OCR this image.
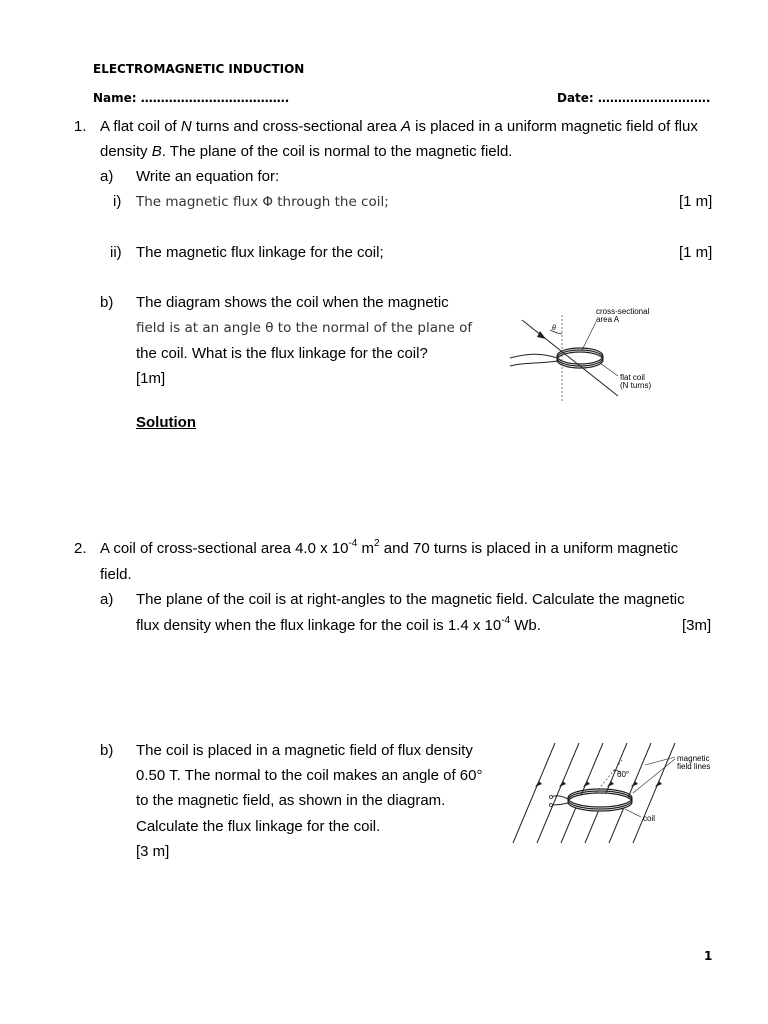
ELECTROMAGNETIC INDUCTION
Name: ……………………………….	Date: ……………………….
1. A flat coil of N turns and cross-sectional area A is placed in a uniform magnetic field of flux
density B. The plane of the coil is normal to the magnetic field.
a) Write an equation for:
i) The magnetic flux Φ through the coil;	[1 m]
ii) The magnetic flux linkage for the coil;	[1 m]
b) The diagram shows the coil when the magnetic
field is at an angle θ to the normal of the plane of
the coil. What is the flux linkage for the coil?
[1m]
Solution
θ
cross-sectional
area A
flat coil
(N turns)
2. A coil of cross-sectional area 4.0 x $10^{-4}$ $m^2$ and 70 turns is placed in a uniform magnetic
field.
a) The plane of the coil is at right-angles to the magnetic field. Calculate the magnetic
flux density when the flux linkage for the coil is 1.4 x $10^{-4}$ Wb.	[3m]
b) The coil is placed in a magnetic field of flux density
0.50 T. The normal to the coil makes an angle of 60°
to the magnetic field, as shown in the diagram.
Calculate the flux linkage for the coil.
[3 m]
60°
magnetic
field lines
coil
1
